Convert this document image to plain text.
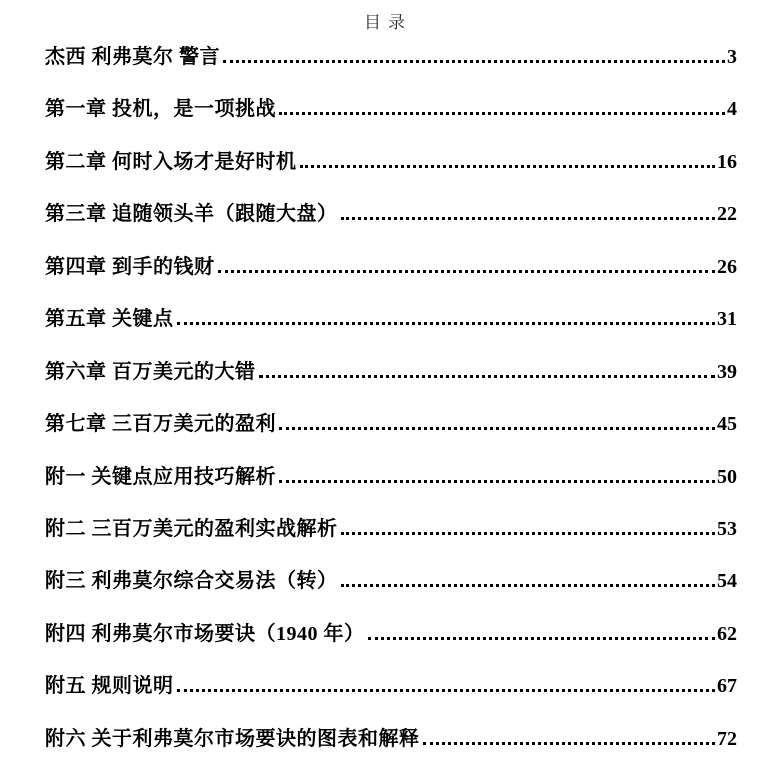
目录
杰西 利弗莫尔 警言	3
第一章 投机，是一项挑战	4
第二章 何时入场才是好时机	16
第三章 追随领头羊（跟随大盘）	22
第四章 到手的钱财	26
第五章 关键点	31
第六章 百万美元的大错	39
第七章 三百万美元的盈利	45
附一 关键点应用技巧解析	50
附二 三百万美元的盈利实战解析	53
附三 利弗莫尔综合交易法（转）	54
附四 利弗莫尔市场要诀（1940 年）	62
附五 规则说明	67
附六 关于利弗莫尔市场要诀的图表和解释	72
